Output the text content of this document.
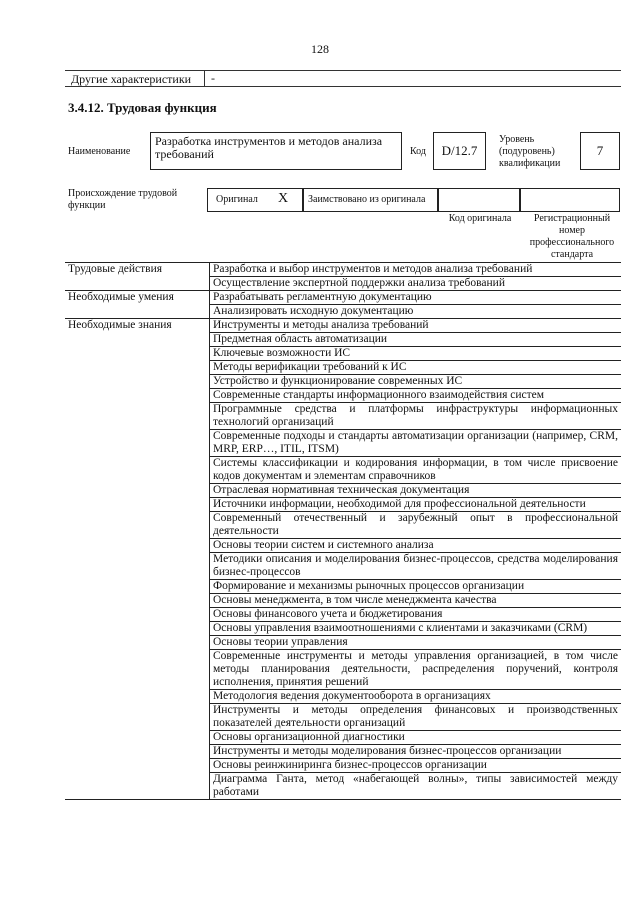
128
Другие характеристики -
3.4.12. Трудовая функция
Наименование
Разработка инструментов и методов анализа требований	Код	D/12.7
Уровень (подуровень) квалификации
7
Происхождение трудовой функции
Оригинал X	Заимствовано из оригинала
Код оригинала	Регистрационный номер профессионального стандарта
Трудовые действия	Разработка и выбор инструментов и методов анализа требований
	Осуществление экспертной поддержки анализа требований
Необходимые умения	Разрабатывать регламентную документацию
	Анализировать исходную документацию
Необходимые знания	Инструменты и методы анализа требований
	Предметная область автоматизации
	Ключевые возможности ИС
	Методы верификации требований к ИС
	Устройство и функционирование современных ИС
	Современные стандарты информационного взаимодействия систем
	Программные средства и платформы инфраструктуры информационных технологий организаций
	Современные подходы и стандарты автоматизации организации (например, CRM, MRP, ERP…, ITIL, ITSM)
	Системы классификации и кодирования информации, в том числе присвоение кодов документам и элементам справочников
	Отраслевая нормативная техническая документация
	Источники информации, необходимой для профессиональной деятельности
	Современный отечественный и зарубежный опыт в профессиональной деятельности
	Основы теории систем и системного анализа
	Методики описания и моделирования бизнес-процессов, средства моделирования бизнес-процессов
	Формирование и механизмы рыночных процессов организации
	Основы менеджмента, в том числе менеджмента качества
	Основы финансового учета и бюджетирования
	Основы управления взаимоотношениями с клиентами и заказчиками (CRM)
	Основы теории управления
	Современные инструменты и методы управления организацией, в том числе методы планирования деятельности, распределения поручений, контроля исполнения, принятия решений
	Методология ведения документооборота в организациях
	Инструменты и методы определения финансовых и производственных показателей деятельности организаций
	Основы организационной диагностики
	Инструменты и методы моделирования бизнес-процессов организации
	Основы реинжиниринга бизнес-процессов организации
	Диаграмма Ганта, метод «набегающей волны», типы зависимостей между работами
